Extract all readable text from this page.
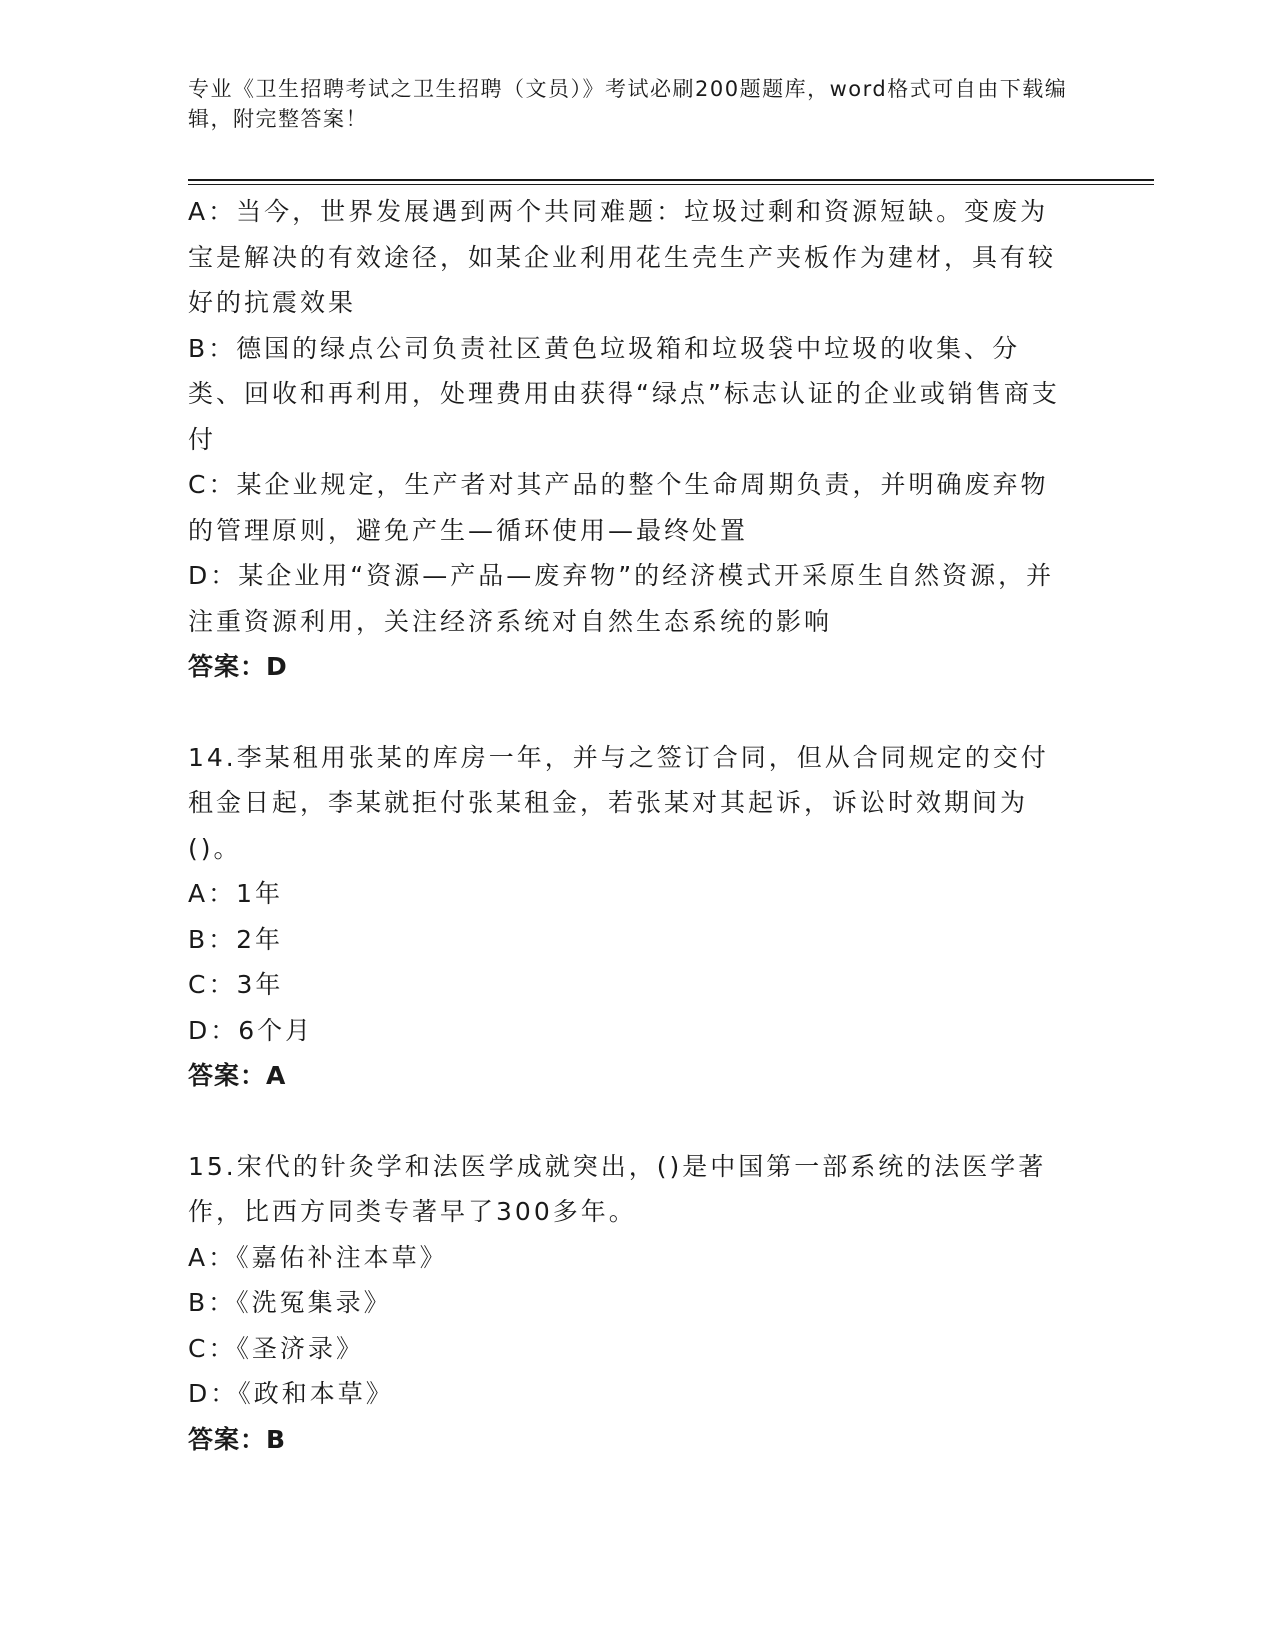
专业《卫生招聘考试之卫生招聘（文员）》考试必刷200题题库，word格式可自由下载编辑，附完整答案！
A：当今，世界发展遇到两个共同难题：垃圾过剩和资源短缺。变废为宝是解决的有效途径，如某企业利用花生壳生产夹板作为建材，具有较好的抗震效果
B：德国的绿点公司负责社区黄色垃圾箱和垃圾袋中垃圾的收集、分类、回收和再利用，处理费用由获得“绿点”标志认证的企业或销售商支付
C：某企业规定，生产者对其产品的整个生命周期负责，并明确废弃物的管理原则，避免产生—循环使用—最终处置
D：某企业用“资源—产品—废弃物”的经济模式开采原生自然资源，并注重资源利用，关注经济系统对自然生态系统的影响
答案：D
14.李某租用张某的库房一年，并与之签订合同，但从合同规定的交付租金日起，李某就拒付张某租金，若张某对其起诉，诉讼时效期间为()。
A：1年
B：2年
C：3年
D：6个月
答案：A
15.宋代的针灸学和法医学成就突出，()是中国第一部系统的法医学著作，比西方同类专著早了300多年。
A：《嘉佑补注本草》
B：《洗冤集录》
C：《圣济录》
D：《政和本草》
答案：B
